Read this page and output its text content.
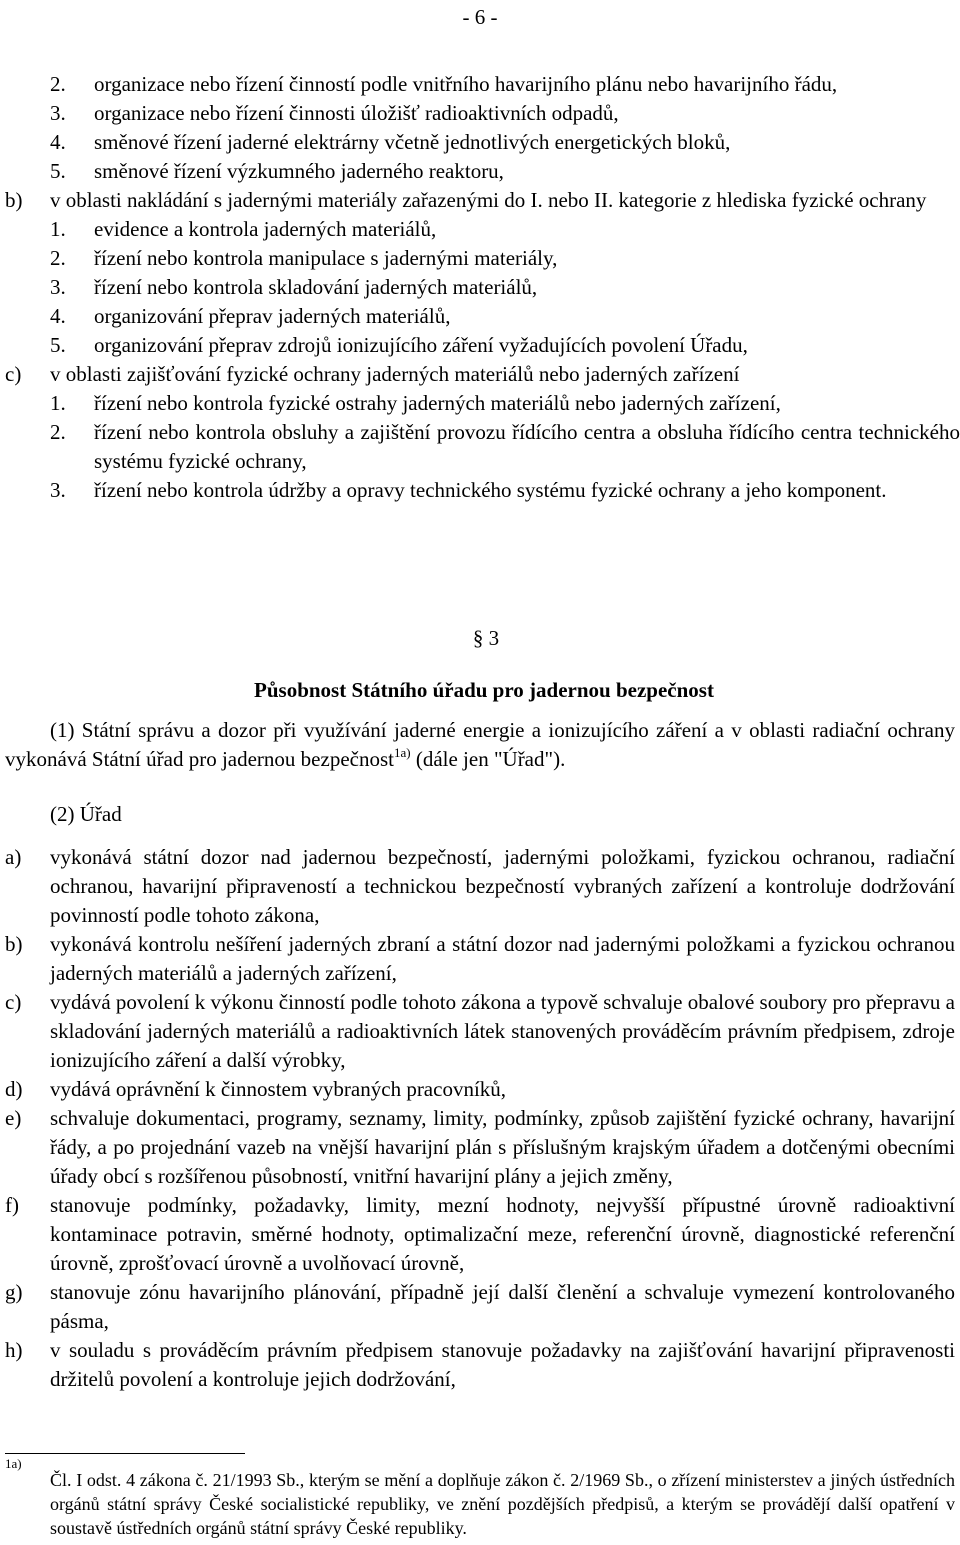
- 6 -
2. organizace nebo řízení činností podle vnitřního havarijního plánu nebo havarijního řádu,
3. organizace nebo řízení činnosti úložišť radioaktivních odpadů,
4. směnové řízení jaderné elektrárny včetně jednotlivých energetických bloků,
5. směnové řízení výzkumného jaderného reaktoru,
b) v oblasti nakládání s jadernými materiály zařazenými do I. nebo II. kategorie z hlediska fyzické ochrany
1. evidence a kontrola jaderných materiálů,
2. řízení nebo kontrola manipulace s jadernými materiály,
3. řízení nebo kontrola skladování jaderných materiálů,
4. organizování přeprav jaderných materiálů,
5. organizování přeprav zdrojů ionizujícího záření vyžadujících povolení Úřadu,
c) v oblasti zajišťování fyzické ochrany jaderných materiálů nebo jaderných zařízení
1. řízení nebo kontrola fyzické ostrahy jaderných materiálů nebo jaderných zařízení,
2. řízení nebo kontrola obsluhy a zajištění provozu řídícího centra a obsluha řídícího centra technického systému fyzické ochrany,
3. řízení nebo kontrola údržby a opravy technického systému fyzické ochrany a jeho komponent.
§ 3
Působnost Státního úřadu pro jadernou bezpečnost
(1) Státní správu a dozor při využívání jaderné energie a ionizujícího záření a v oblasti radiační ochrany vykonává Státní úřad pro jadernou bezpečnost$^{1a)}$ (dále jen "Úřad").
(2) Úřad
a) vykonává státní dozor nad jadernou bezpečností, jadernými položkami, fyzickou ochranou, radiační ochranou, havarijní připraveností a technickou bezpečností vybraných zařízení a kontroluje dodržování povinností podle tohoto zákona,
b) vykonává kontrolu nešíření jaderných zbraní a státní dozor nad jadernými položkami a fyzickou ochranou jaderných materiálů a jaderných zařízení,
c) vydává povolení k výkonu činností podle tohoto zákona a typově schvaluje obalové soubory pro přepravu a skladování jaderných materiálů a radioaktivních látek stanovených prováděcím právním předpisem, zdroje ionizujícího záření a další výrobky,
d) vydává oprávnění k činnostem vybraných pracovníků,
e) schvaluje dokumentaci, programy, seznamy, limity, podmínky, způsob zajištění fyzické ochrany, havarijní řády, a po projednání vazeb na vnější havarijní plán s příslušným krajským úřadem a dotčenými obecními úřady obcí s rozšířenou působností, vnitřní havarijní plány a jejich změny,
f) stanovuje podmínky, požadavky, limity, mezní hodnoty, nejvyšší přípustné úrovně radioaktivní kontaminace potravin, směrné hodnoty, optimalizační meze, referenční úrovně, diagnostické referenční úrovně, zprošťovací úrovně a uvolňovací úrovně,
g) stanovuje zónu havarijního plánování, případně její další členění a schvaluje vymezení kontrolovaného pásma,
h) v souladu s prováděcím právním předpisem stanovuje požadavky na zajišťování havarijní připravenosti držitelů povolení a kontroluje jejich dodržování,
1a)
Čl. I odst. 4 zákona č. 21/1993 Sb., kterým se mění a doplňuje zákon č. 2/1969 Sb., o zřízení ministerstev a jiných ústředních orgánů státní správy České socialistické republiky, ve znění pozdějších předpisů, a kterým se provádějí další opatření v soustavě ústředních orgánů státní správy České republiky.
